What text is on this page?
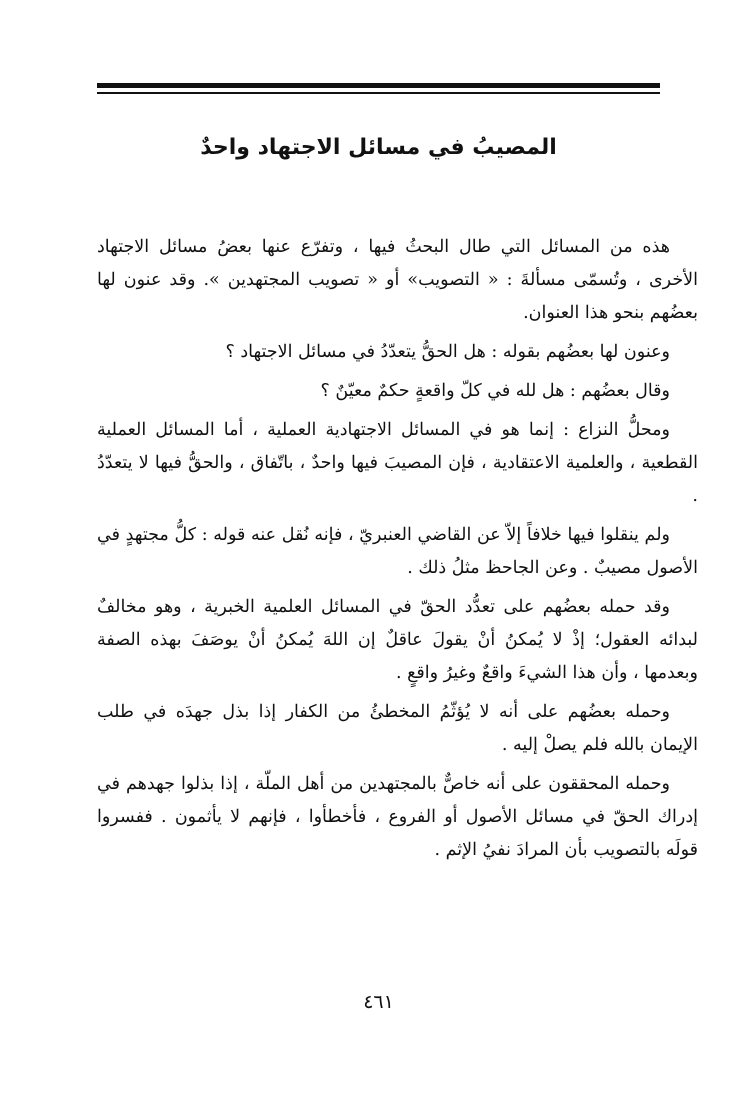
المصيبُ في مسائل الاجتهاد واحدٌ

هذه من المسائل التي طال البحثُ فيها ، وتفرّع عنها بعضُ مسائل الاجتهاد الأخرى ، وتُسمّى مسألةَ : « التصويب» أو « تصويب المجتهدين ». وقد عنون لها بعضُهم بنحو هذا العنوان.

وعنون لها بعضُهم بقوله : هل الحقُّ يتعدّدُ في مسائل الاجتهاد ؟

وقال بعضُهم : هل لله في كلّ واقعةٍ حكمٌ معيّنٌ ؟

ومحلُّ النزاع : إنما هو في المسائل الاجتهادية العملية ، أما المسائل العملية القطعية ، والعلمية الاعتقادية ، فإن المصيبَ فيها واحدٌ ، باتّفاق ، والحقُّ فيها لا يتعدّدُ .

ولم ينقلوا فيها خلافاً إلاّ عن القاضي العنبريّ ، فإنه نُقل عنه قوله : كلُّ مجتهدٍ في الأصول مصيبٌ . وعن الجاحظ مثلُ ذلك .

وقد حمله بعضُهم على تعدُّد الحقّ في المسائل العلمية الخبرية ، وهو مخالفٌ لبدائه العقول؛ إذْ لا يُمكنُ أنْ يقولَ عاقلٌ إن اللهَ يُمكنُ أنْ يوصَفَ بهذه الصفة وبعدمها ، وأن هذا الشيءَ واقعٌ وغيرُ واقعٍ .

وحمله بعضُهم على أنه لا يُؤثّمُ المخطئُ من الكفار إذا بذل جهدَه في طلب الإيمان بالله فلم يصلْ إليه .

وحمله المحققون على أنه خاصٌّ بالمجتهدين من أهل الملّة ، إذا بذلوا جهدهم في إدراك الحقّ في مسائل الأصول أو الفروع ، فأخطأوا ، فإنهم لا يأثمون . ففسروا قولَه بالتصويب بأن المرادَ نفيُ الإثم .

٤٦١
